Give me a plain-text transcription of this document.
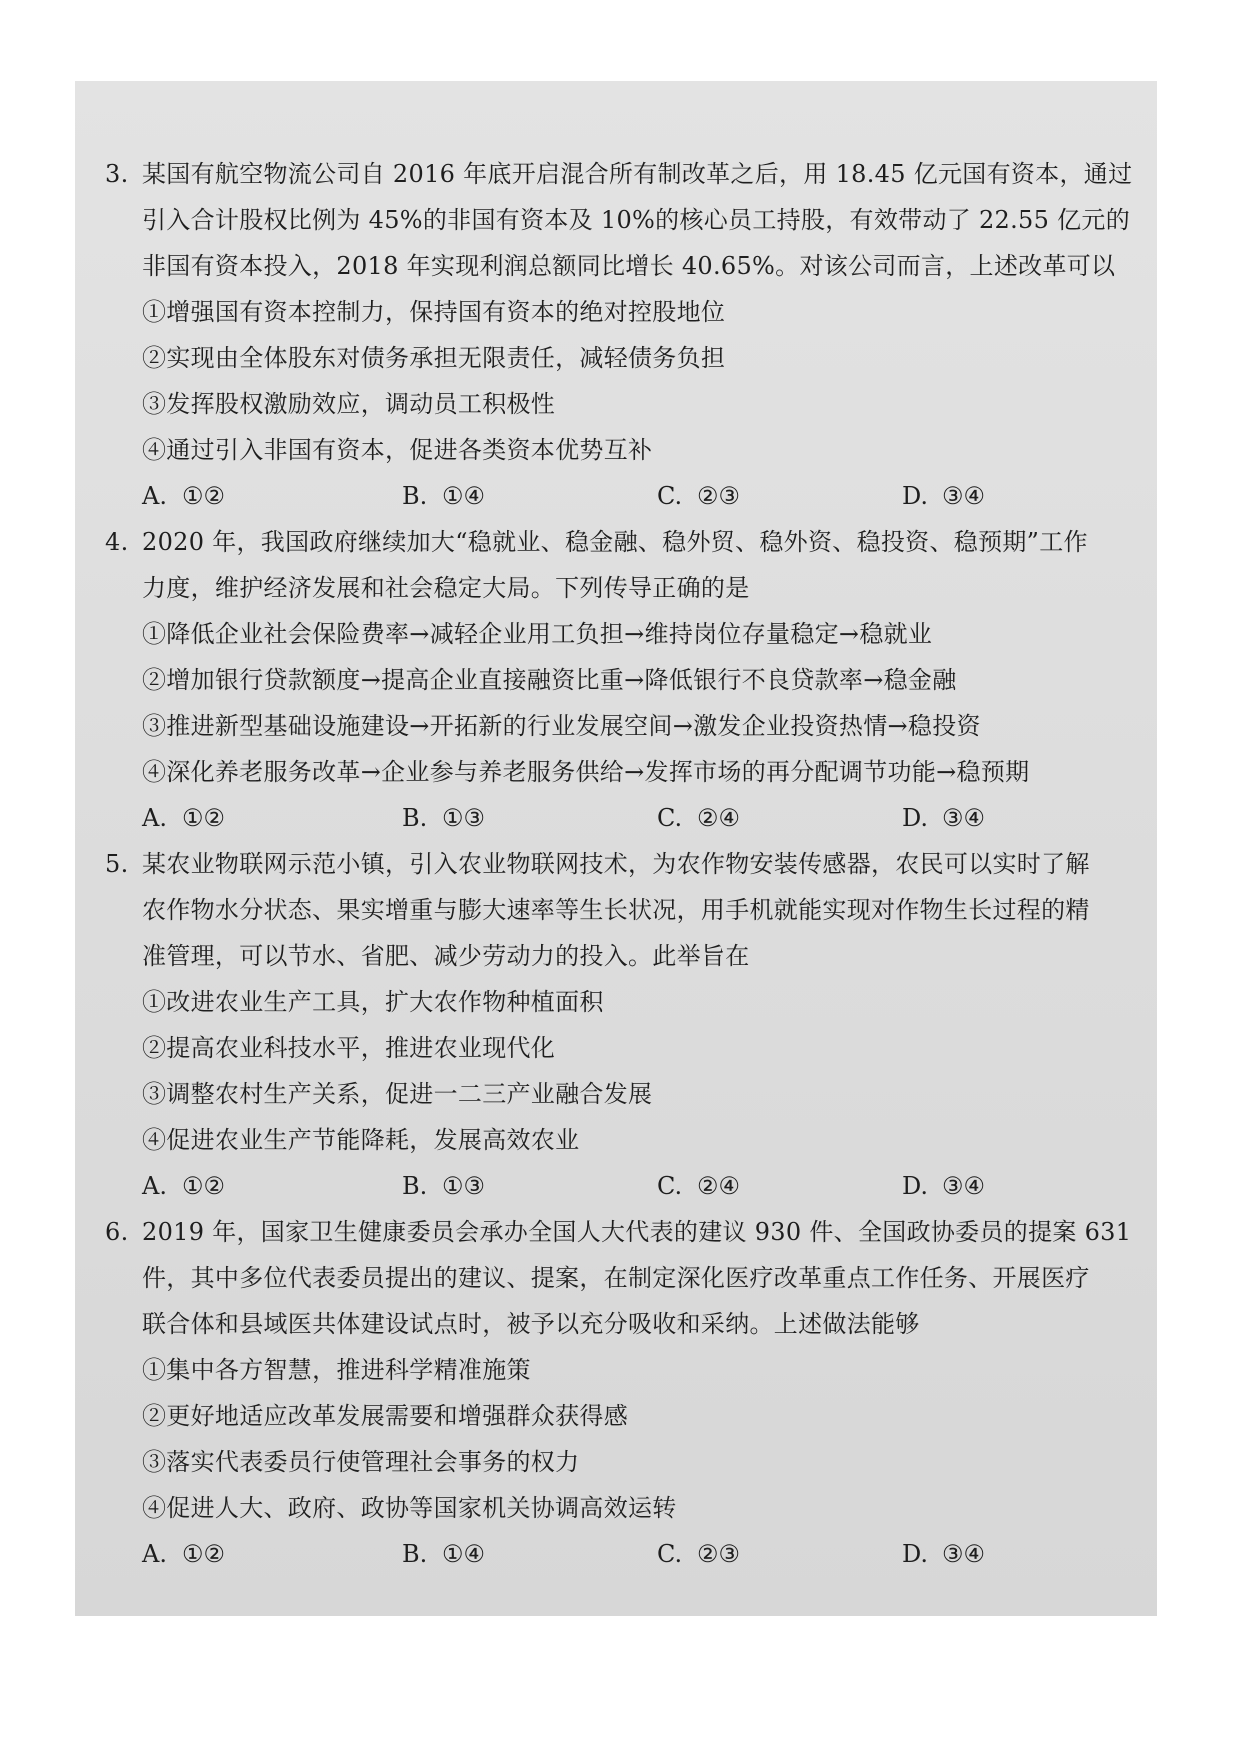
3. 某国有航空物流公司自 2016 年底开启混合所有制改革之后，用 18.45 亿元国有资本，通过
引入合计股权比例为 45%的非国有资本及 10%的核心员工持股，有效带动了 22.55 亿元的
非国有资本投入，2018 年实现利润总额同比增长 40.65%。对该公司而言，上述改革可以
①增强国有资本控制力，保持国有资本的绝对控股地位
②实现由全体股东对债务承担无限责任，减轻债务负担
③发挥股权激励效应，调动员工积极性
④通过引入非国有资本，促进各类资本优势互补
A. ①②	B. ①④	C. ②③	D. ③④
4. 2020 年，我国政府继续加大“稳就业、稳金融、稳外贸、稳外资、稳投资、稳预期”工作
力度，维护经济发展和社会稳定大局。下列传导正确的是
①降低企业社会保险费率→减轻企业用工负担→维持岗位存量稳定→稳就业
②增加银行贷款额度→提高企业直接融资比重→降低银行不良贷款率→稳金融
③推进新型基础设施建设→开拓新的行业发展空间→激发企业投资热情→稳投资
④深化养老服务改革→企业参与养老服务供给→发挥市场的再分配调节功能→稳预期
A. ①②	B. ①③	C. ②④	D. ③④
5. 某农业物联网示范小镇，引入农业物联网技术，为农作物安装传感器，农民可以实时了解
农作物水分状态、果实增重与膨大速率等生长状况，用手机就能实现对作物生长过程的精
准管理，可以节水、省肥、减少劳动力的投入。此举旨在
①改进农业生产工具，扩大农作物种植面积
②提高农业科技水平，推进农业现代化
③调整农村生产关系，促进一二三产业融合发展
④促进农业生产节能降耗，发展高效农业
A. ①②	B. ①③	C. ②④	D. ③④
6. 2019 年，国家卫生健康委员会承办全国人大代表的建议 930 件、全国政协委员的提案 631
件，其中多位代表委员提出的建议、提案，在制定深化医疗改革重点工作任务、开展医疗
联合体和县域医共体建设试点时，被予以充分吸收和采纳。上述做法能够
①集中各方智慧，推进科学精准施策
②更好地适应改革发展需要和增强群众获得感
③落实代表委员行使管理社会事务的权力
④促进人大、政府、政协等国家机关协调高效运转
A. ①②	B. ①④	C. ②③	D. ③④
